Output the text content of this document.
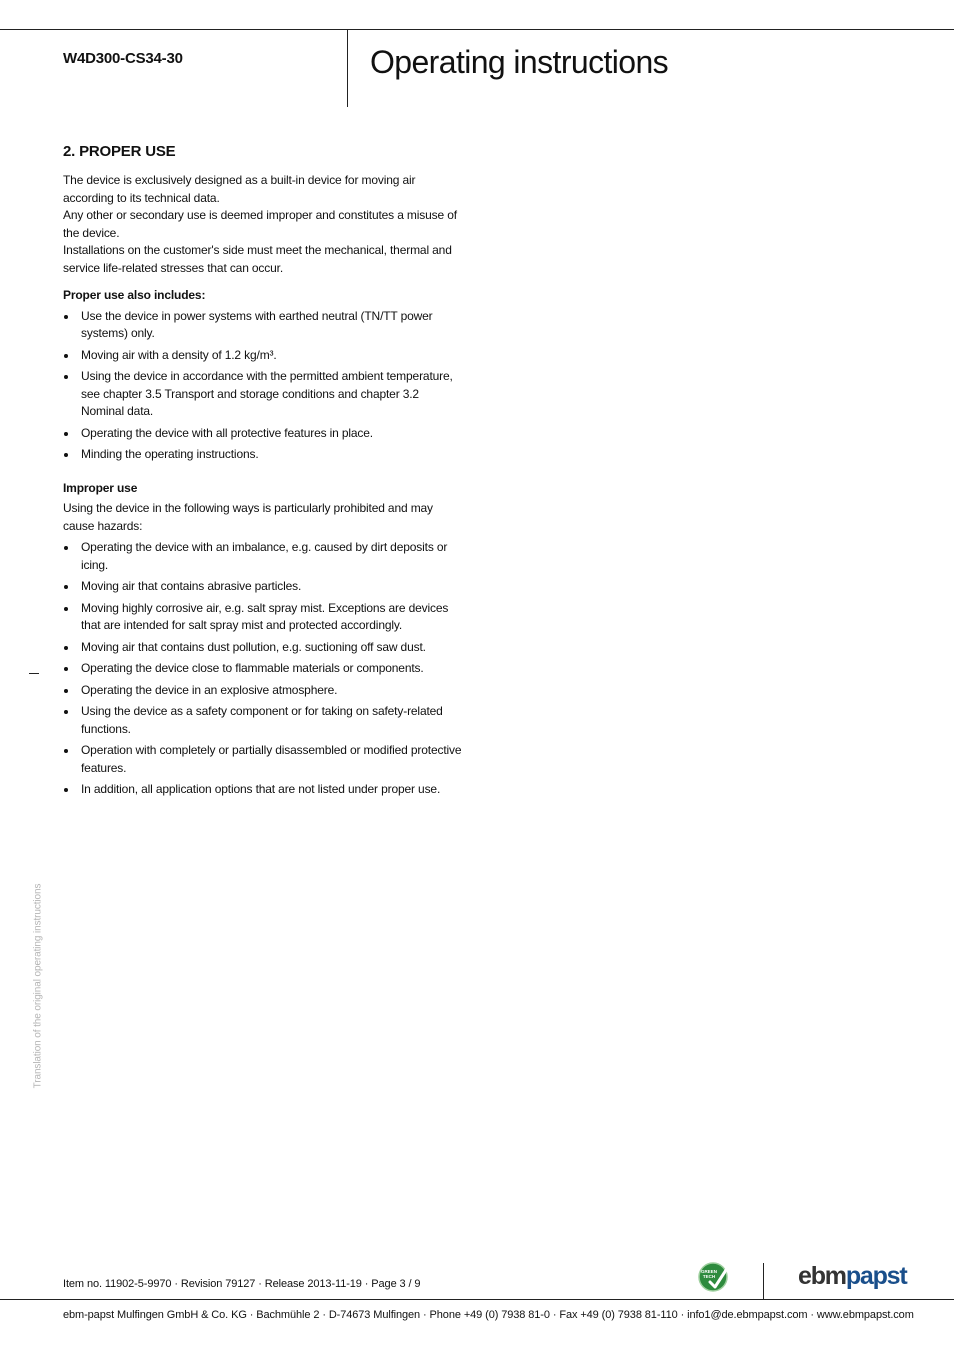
W4D300-CS34-30	Operating instructions
2. PROPER USE

The device is exclusively designed as a built-in device for moving air according to its technical data.

Any other or secondary use is deemed improper and constitutes a misuse of the device.

Installations on the customer's side must meet the mechanical, thermal and service life-related stresses that can occur.

Proper use also includes:
Use the device in power systems with earthed neutral (TN/TT power systems) only.
Moving air with a density of 1.2 kg/m³.
Using the device in accordance with the permitted ambient temperature, see chapter 3.5 Transport and storage conditions and chapter 3.2 Nominal data.
Operating the device with all protective features in place.
Minding the operating instructions.
Improper use

Using the device in the following ways is particularly prohibited and may cause hazards:

Operating the device with an imbalance, e.g. caused by dirt deposits or icing.
Moving air that contains abrasive particles.
Moving highly corrosive air, e.g. salt spray mist. Exceptions are devices that are intended for salt spray mist and protected accordingly.
Moving air that contains dust pollution, e.g. suctioning off saw dust.
Operating the device close to flammable materials or components.
Operating the device in an explosive atmosphere.
Using the device as a safety component or for taking on safety-related functions.
Operation with completely or partially disassembled or modified protective features.
In addition, all application options that are not listed under proper use.
Translation of the original operating instructions
Item no. 11902-5-9970 · Revision 79127 · Release 2013-11-19 · Page 3 / 9
GREEN
TECH	ebmpapst
ebm-papst Mulfingen GmbH & Co. KG · Bachmühle 2 · D-74673 Mulfingen · Phone +49 (0) 7938 81-0 · Fax +49 (0) 7938 81-110 · info1@de.ebmpapst.com · www.ebmpapst.com
